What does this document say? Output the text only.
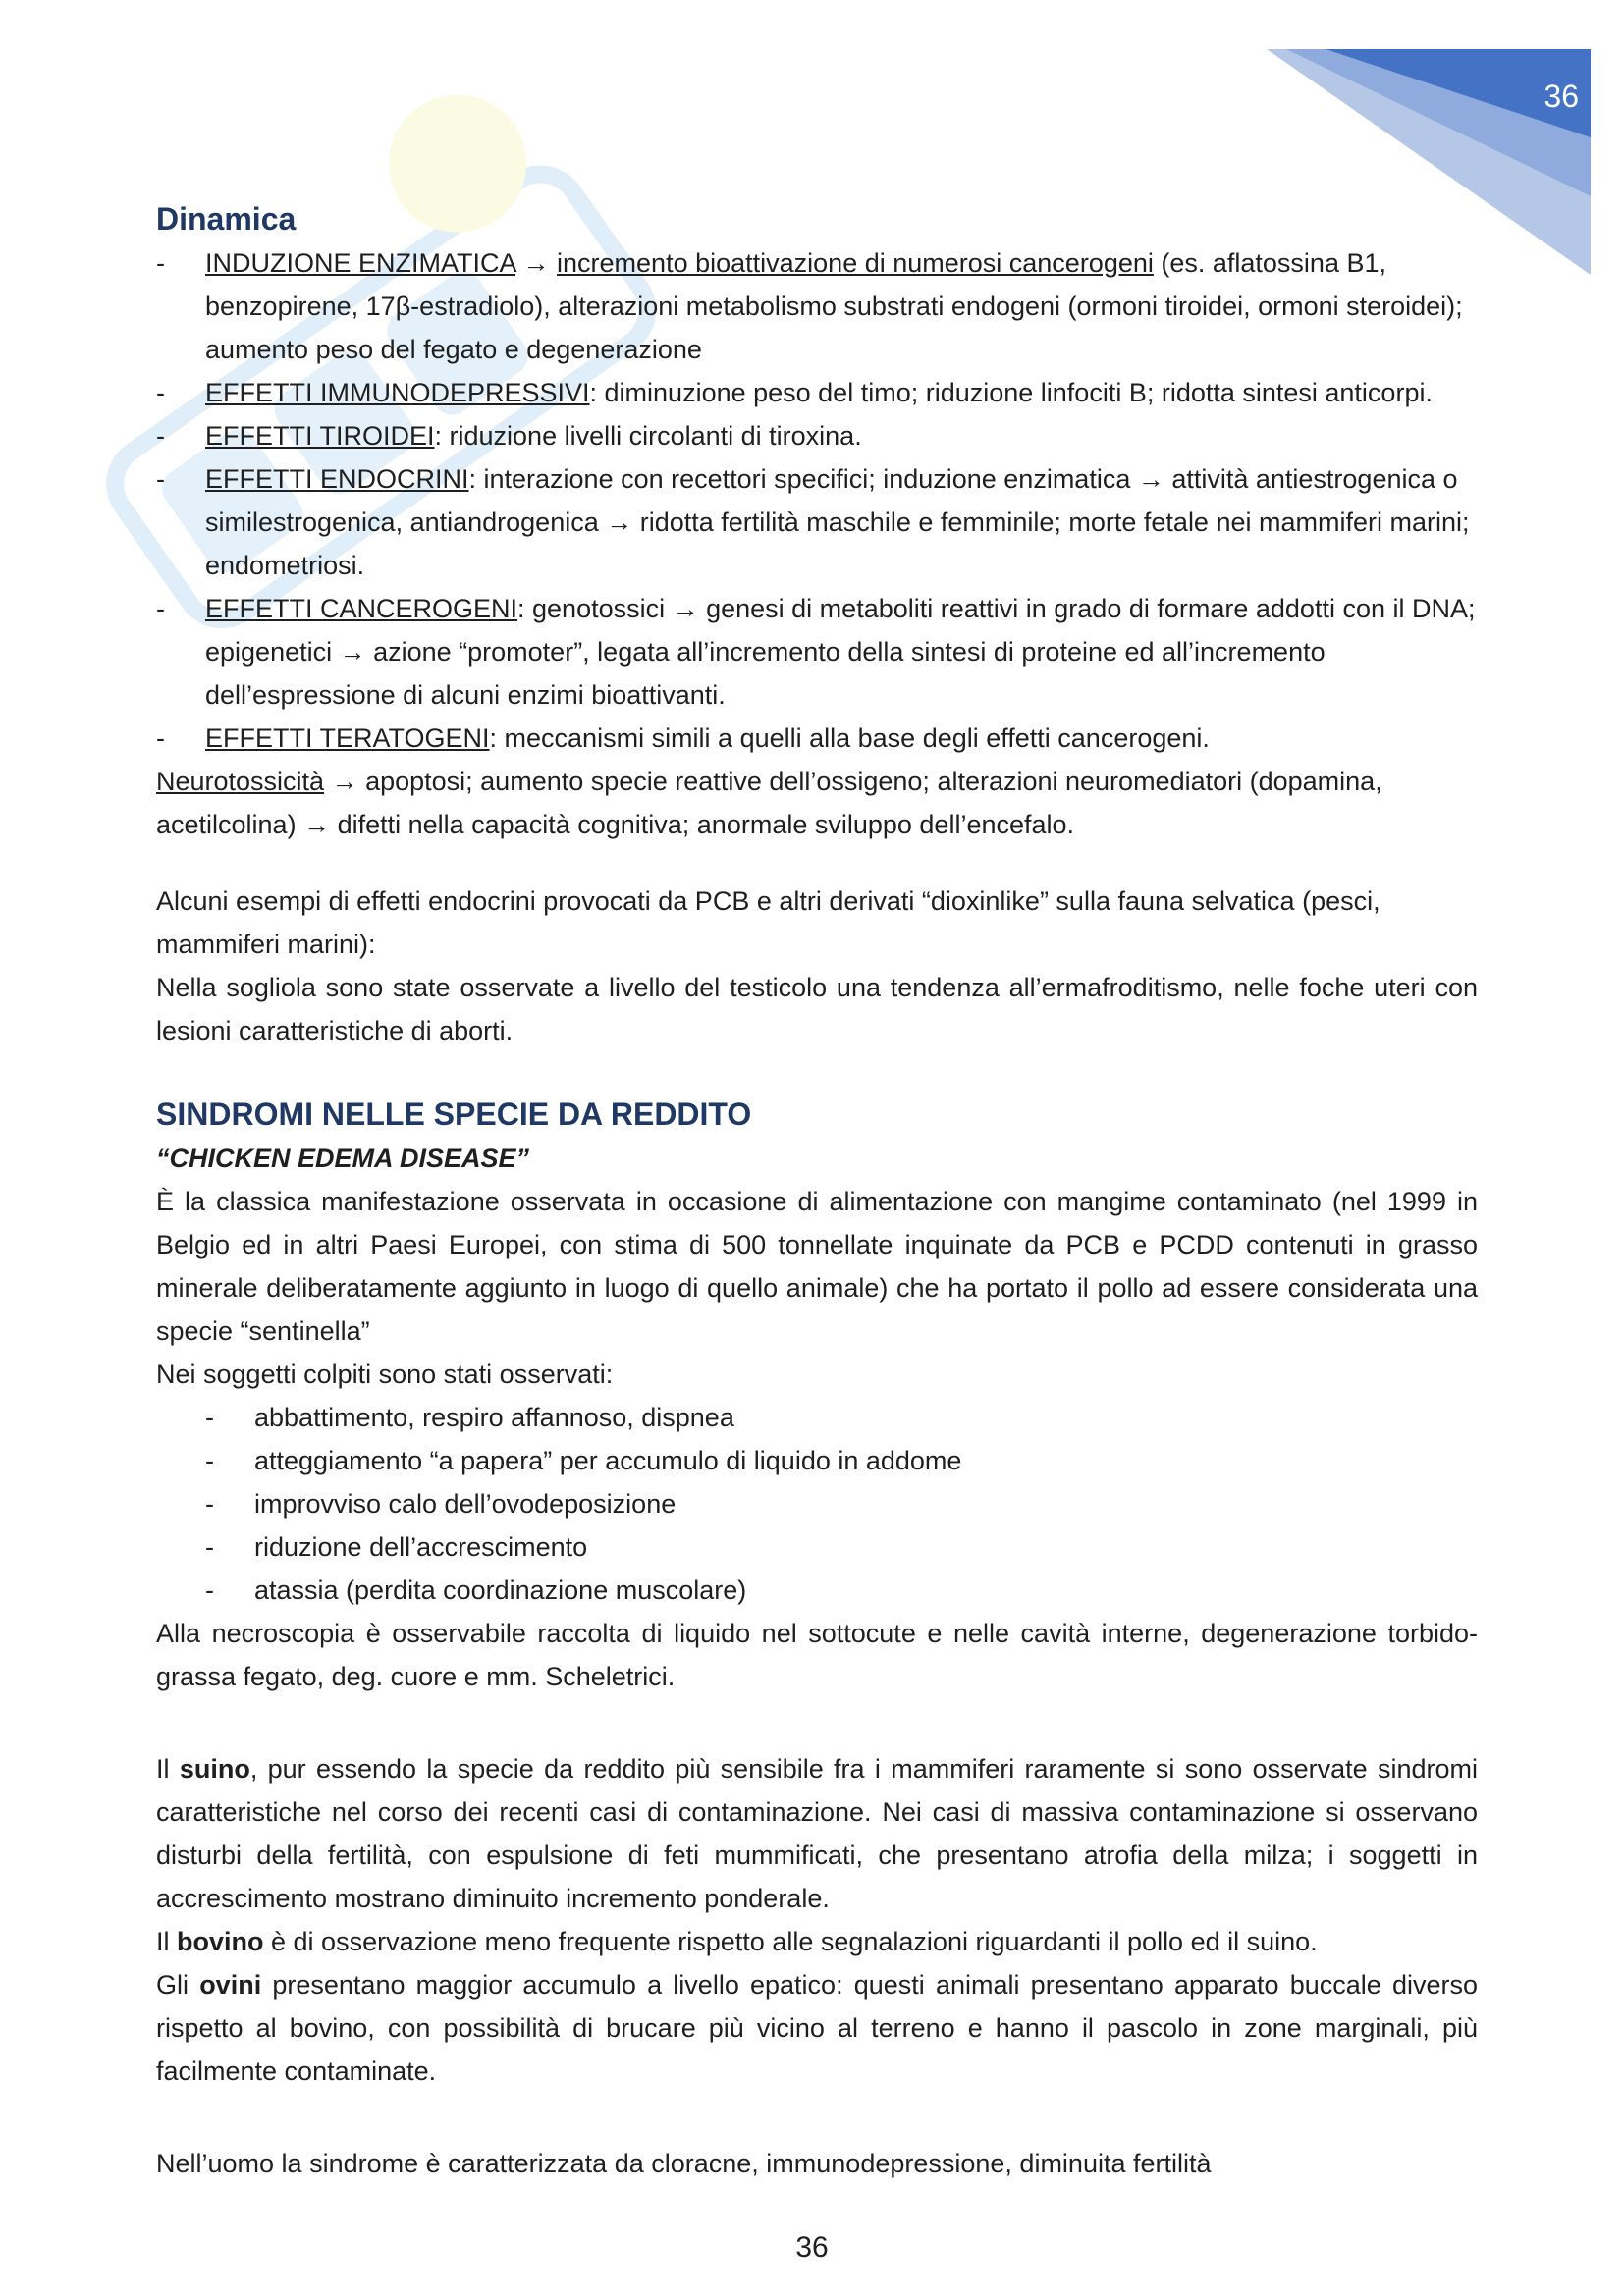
36
Dinamica
- INDUZIONE ENZIMATICA → incremento bioattivazione di numerosi cancerogeni (es. aflatossina B1, benzopirene, 17β-estradiolo), alterazioni metabolismo substrati endogeni (ormoni tiroidei, ormoni steroidei); aumento peso del fegato e degenerazione
- EFFETTI IMMUNODEPRESSIVI: diminuzione peso del timo; riduzione linfociti B; ridotta sintesi anticorpi.
- EFFETTI TIROIDEI: riduzione livelli circolanti di tiroxina.
- EFFETTI ENDOCRINI: interazione con recettori specifici; induzione enzimatica → attività antiestrogenica o similestrogenica, antiandrogenica → ridotta fertilità maschile e femminile; morte fetale nei mammiferi marini; endometriosi.
- EFFETTI CANCEROGENI: genotossici → genesi di metaboliti reattivi in grado di formare addotti con il DNA; epigenetici → azione “promoter”, legata all’incremento della sintesi di proteine ed all’incremento dell’espressione di alcuni enzimi bioattivanti.
- EFFETTI TERATOGENI: meccanismi simili a quelli alla base degli effetti cancerogeni.

Neurotossicità → apoptosi; aumento specie reattive dell’ossigeno; alterazioni neuromediatori (dopamina, acetilcolina) → difetti nella capacità cognitiva; anormale sviluppo dell’encefalo.

Alcuni esempi di effetti endocrini provocati da PCB e altri derivati “dioxinlike” sulla fauna selvatica (pesci, mammiferi marini):

Nella sogliola sono state osservate a livello del testicolo una tendenza all’ermafroditismo, nelle foche uteri con lesioni caratteristiche di aborti.

SINDROMI NELLE SPECIE DA REDDITO

“CHICKEN EDEMA DISEASE”

È la classica manifestazione osservata in occasione di alimentazione con mangime contaminato (nel 1999 in Belgio ed in altri Paesi Europei, con stima di 500 tonnellate inquinate da PCB e PCDD contenuti in grasso minerale deliberatamente aggiunto in luogo di quello animale) che ha portato il pollo ad essere considerata una specie “sentinella”

Nei soggetti colpiti sono stati osservati:

- abbattimento, respiro affannoso, dispnea
- atteggiamento “a papera” per accumulo di liquido in addome
- improvviso calo dell’ovodeposizione
- riduzione dell’accrescimento
- atassia (perdita coordinazione muscolare)

Alla necroscopia è osservabile raccolta di liquido nel sottocute e nelle cavità interne, degenerazione torbido-grassa fegato, deg. cuore e mm. Scheletrici.

Il suino, pur essendo la specie da reddito più sensibile fra i mammiferi raramente si sono osservate sindromi caratteristiche nel corso dei recenti casi di contaminazione. Nei casi di massiva contaminazione si osservano disturbi della fertilità, con espulsione di feti mummificati, che presentano atrofia della milza; i soggetti in accrescimento mostrano diminuito incremento ponderale.

Il bovino è di osservazione meno frequente rispetto alle segnalazioni riguardanti il pollo ed il suino.

Gli ovini presentano maggior accumulo a livello epatico: questi animali presentano apparato buccale diverso rispetto al bovino, con possibilità di brucare più vicino al terreno e hanno il pascolo in zone marginali, più facilmente contaminate.

Nell’uomo la sindrome è caratterizzata da cloracne, immunodepressione, diminuita fertilità

36
